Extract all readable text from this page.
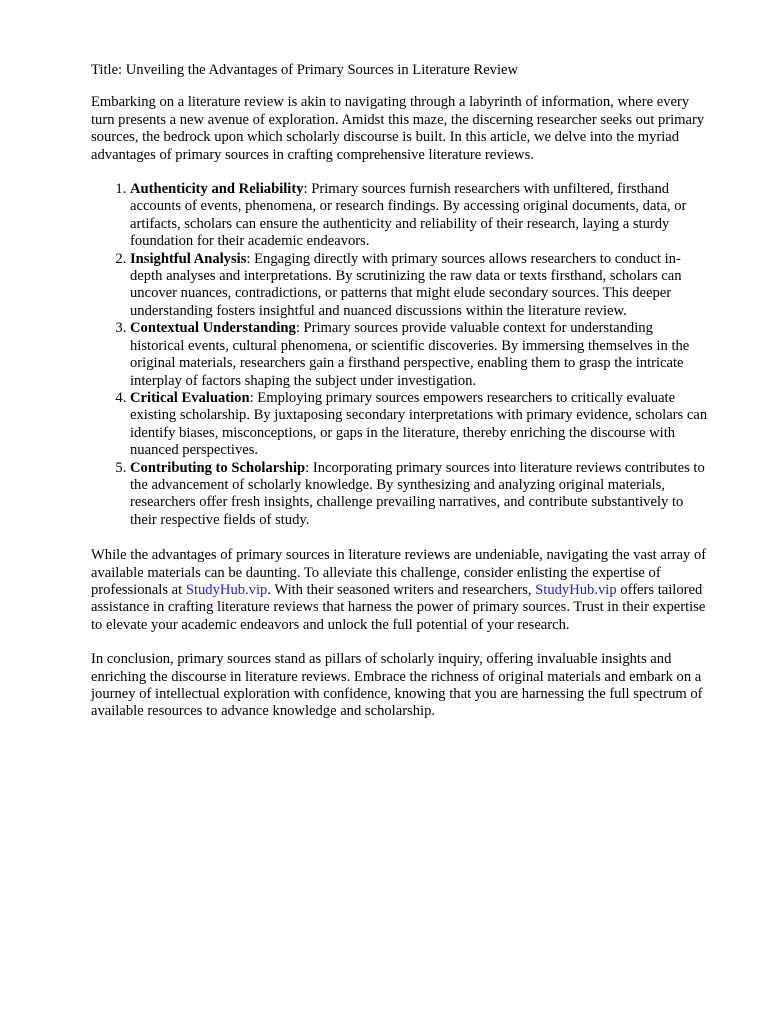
Title: Unveiling the Advantages of Primary Sources in Literature Review

Embarking on a literature review is akin to navigating through a labyrinth of information, where every turn presents a new avenue of exploration. Amidst this maze, the discerning researcher seeks out primary sources, the bedrock upon which scholarly discourse is built. In this article, we delve into the myriad advantages of primary sources in crafting comprehensive literature reviews.

1. Authenticity and Reliability: Primary sources furnish researchers with unfiltered, firsthand accounts of events, phenomena, or research findings. By accessing original documents, data, or artifacts, scholars can ensure the authenticity and reliability of their research, laying a sturdy foundation for their academic endeavors.
2. Insightful Analysis: Engaging directly with primary sources allows researchers to conduct in-depth analyses and interpretations. By scrutinizing the raw data or texts firsthand, scholars can uncover nuances, contradictions, or patterns that might elude secondary sources. This deeper understanding fosters insightful and nuanced discussions within the literature review.
3. Contextual Understanding: Primary sources provide valuable context for understanding historical events, cultural phenomena, or scientific discoveries. By immersing themselves in the original materials, researchers gain a firsthand perspective, enabling them to grasp the intricate interplay of factors shaping the subject under investigation.
4. Critical Evaluation: Employing primary sources empowers researchers to critically evaluate existing scholarship. By juxtaposing secondary interpretations with primary evidence, scholars can identify biases, misconceptions, or gaps in the literature, thereby enriching the discourse with nuanced perspectives.
5. Contributing to Scholarship: Incorporating primary sources into literature reviews contributes to the advancement of scholarly knowledge. By synthesizing and analyzing original materials, researchers offer fresh insights, challenge prevailing narratives, and contribute substantively to their respective fields of study.

While the advantages of primary sources in literature reviews are undeniable, navigating the vast array of available materials can be daunting. To alleviate this challenge, consider enlisting the expertise of professionals at StudyHub.vip. With their seasoned writers and researchers, StudyHub.vip offers tailored assistance in crafting literature reviews that harness the power of primary sources. Trust in their expertise to elevate your academic endeavors and unlock the full potential of your research.

In conclusion, primary sources stand as pillars of scholarly inquiry, offering invaluable insights and enriching the discourse in literature reviews. Embrace the richness of original materials and embark on a journey of intellectual exploration with confidence, knowing that you are harnessing the full spectrum of available resources to advance knowledge and scholarship.
